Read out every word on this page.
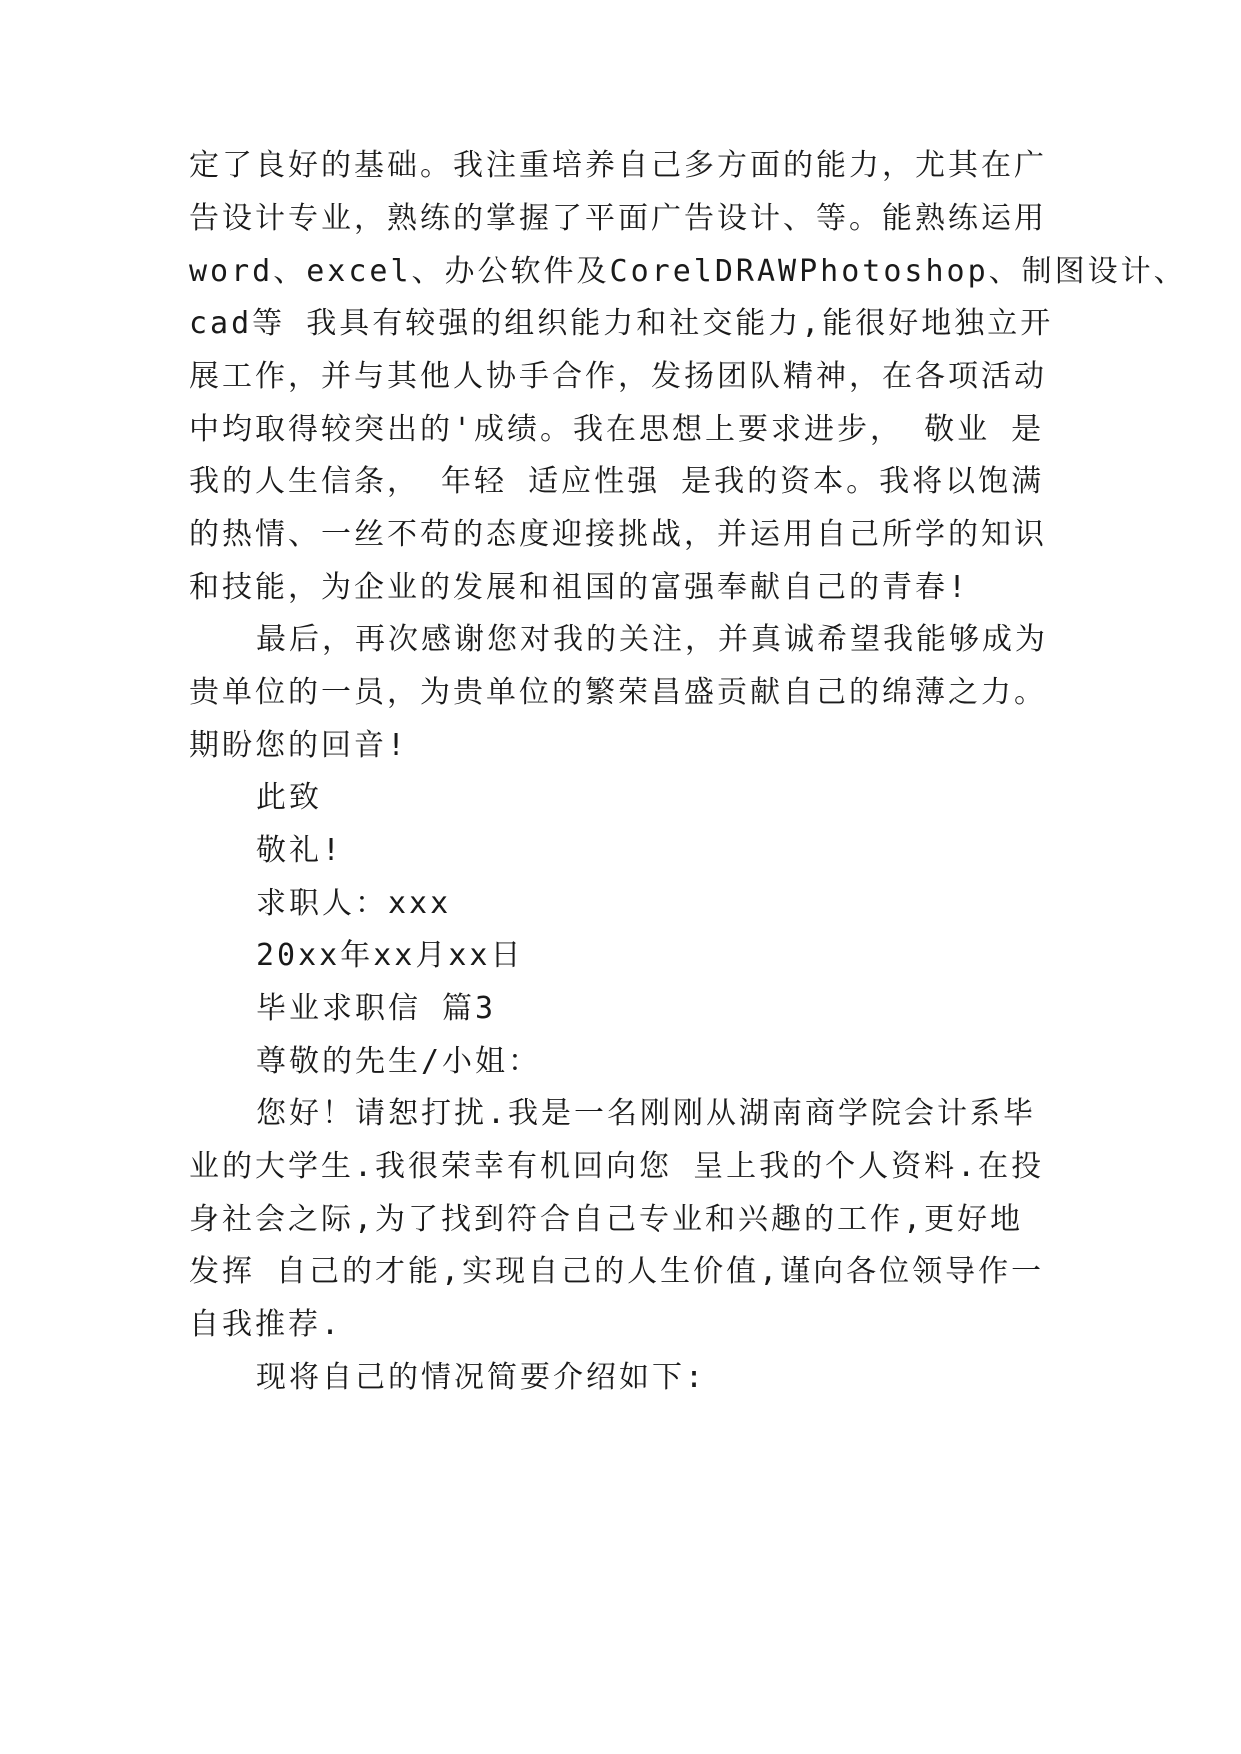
定了良好的基础。我注重培养自己多方面的能力，尤其在广
告设计专业，熟练的掌握了平面广告设计、等。能熟练运用
word、excel、办公软件及CorelDRAWPhotoshop、制图设计、
cad等 我具有较强的组织能力和社交能力,能很好地独立开
展工作，并与其他人协手合作，发扬团队精神，在各项活动
中均取得较突出的'成绩。我在思想上要求进步， 敬业 是
我的人生信条， 年轻 适应性强 是我的资本。我将以饱满
的热情、一丝不苟的态度迎接挑战，并运用自己所学的知识
和技能，为企业的发展和祖国的富强奉献自己的青春!
最后，再次感谢您对我的关注，并真诚希望我能够成为
贵单位的一员，为贵单位的繁荣昌盛贡献自己的绵薄之力。
期盼您的回音!
此致
敬礼!
求职人：xxx
20xx年xx月xx日
毕业求职信 篇3
尊敬的先生/小姐：
您好！请恕打扰.我是一名刚刚从湖南商学院会计系毕
业的大学生.我很荣幸有机回向您 呈上我的个人资料.在投
身社会之际,为了找到符合自己专业和兴趣的工作,更好地
发挥 自己的才能,实现自己的人生价值,谨向各位领导作一
自我推荐.
现将自己的情况简要介绍如下:
